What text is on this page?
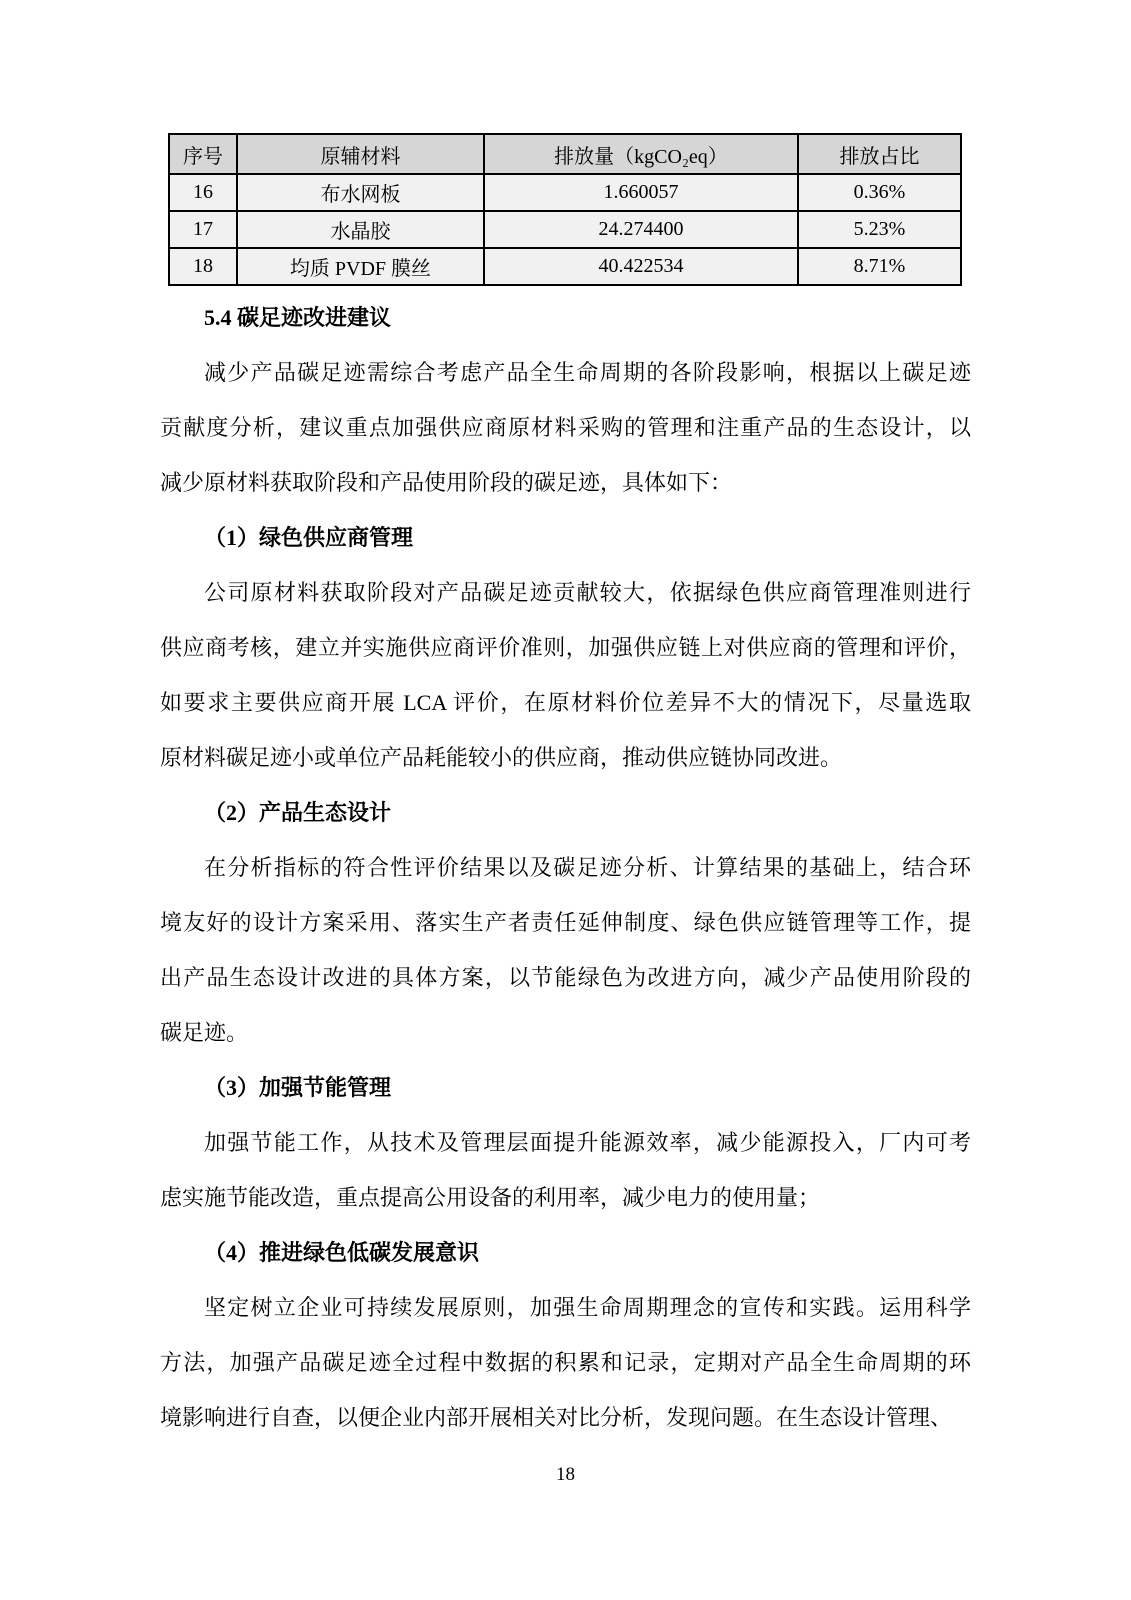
序号	原辅材料	排放量（kgCO₂eq）	排放占比
16	布水网板	1.660057	0.36%
17	水晶胶	24.274400	5.23%
18	均质 PVDF 膜丝	40.422534	8.71%
5.4 碳足迹改进建议
减少产品碳足迹需综合考虑产品全生命周期的各阶段影响，根据以上碳足迹
贡献度分析，建议重点加强供应商原材料采购的管理和注重产品的生态设计，以
减少原材料获取阶段和产品使用阶段的碳足迹，具体如下：
（1）绿色供应商管理
公司原材料获取阶段对产品碳足迹贡献较大，依据绿色供应商管理准则进行
供应商考核，建立并实施供应商评价准则，加强供应链上对供应商的管理和评价，
如要求主要供应商开展 LCA 评价，在原材料价位差异不大的情况下，尽量选取
原材料碳足迹小或单位产品耗能较小的供应商，推动供应链协同改进。
（2）产品生态设计
在分析指标的符合性评价结果以及碳足迹分析、计算结果的基础上，结合环
境友好的设计方案采用、落实生产者责任延伸制度、绿色供应链管理等工作，提
出产品生态设计改进的具体方案，以节能绿色为改进方向，减少产品使用阶段的
碳足迹。
（3）加强节能管理
加强节能工作，从技术及管理层面提升能源效率，减少能源投入，厂内可考
虑实施节能改造，重点提高公用设备的利用率，减少电力的使用量；
（4）推进绿色低碳发展意识
坚定树立企业可持续发展原则，加强生命周期理念的宣传和实践。运用科学
方法，加强产品碳足迹全过程中数据的积累和记录，定期对产品全生命周期的环
境影响进行自查，以便企业内部开展相关对比分析，发现问题。在生态设计管理、
18
